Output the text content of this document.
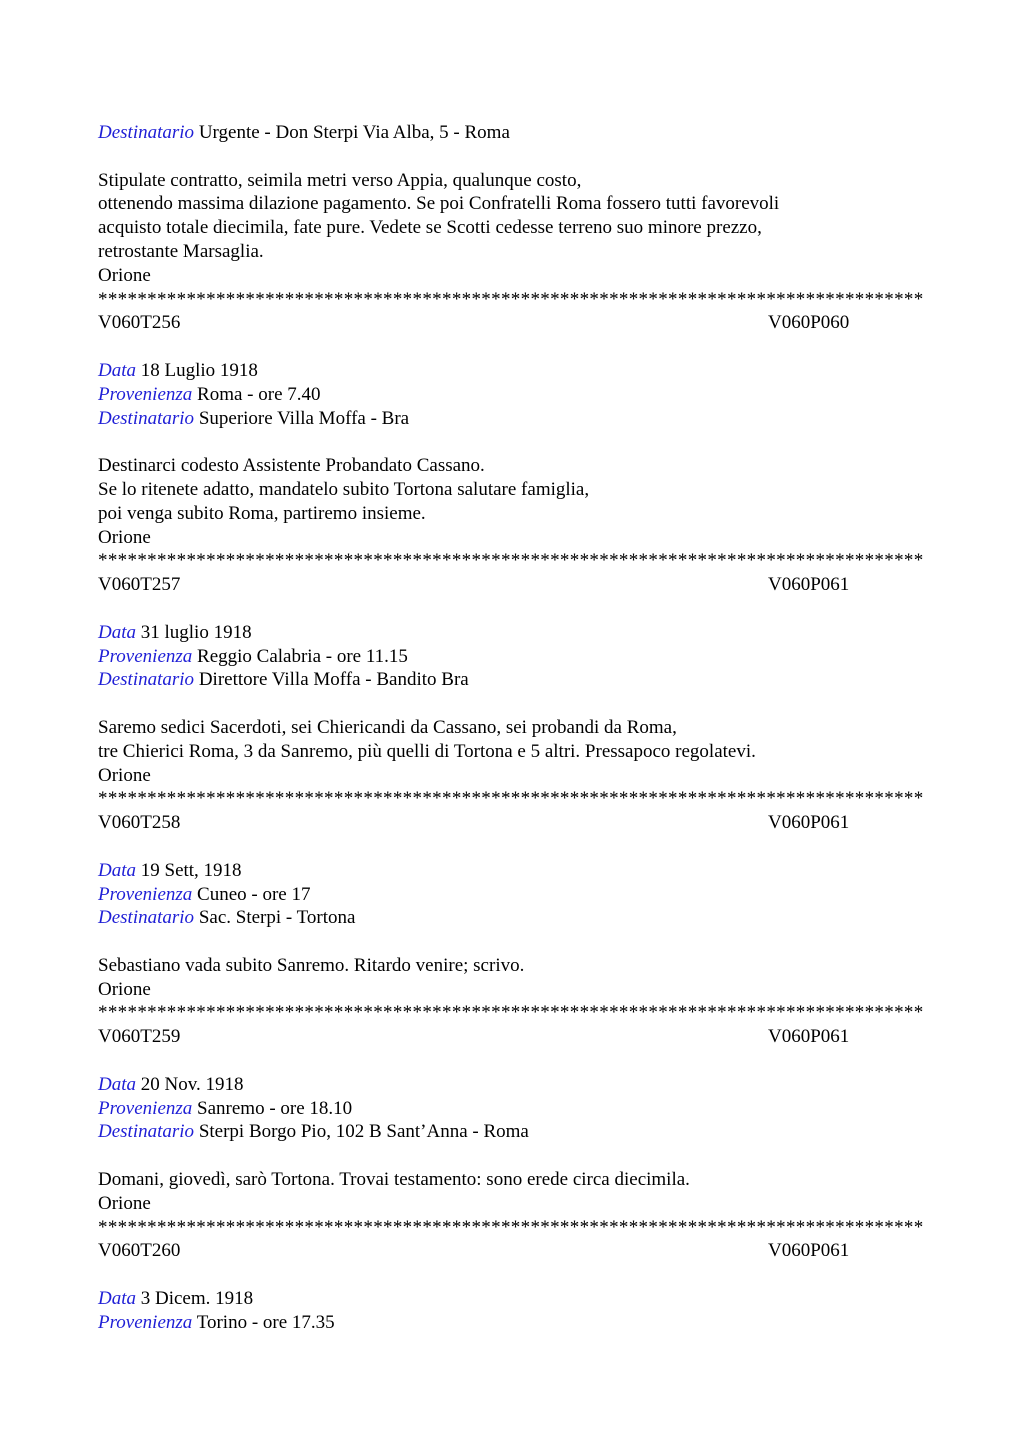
Destinatario Urgente - Don Sterpi Via Alba, 5 - Roma
Stipulate contratto, seimila metri verso Appia, qualunque costo,
ottenendo massima dilazione pagamento. Se poi Confratelli Roma fossero tutti favorevoli
acquisto totale diecimila, fate pure. Vedete se Scotti cedesse terreno suo minore prezzo,
retrostante Marsaglia.
Orione
* * * * * * * * * * * * * * * * * * * * * * * * * * * * * * * * * * * * * * * * * * * * * * * * * * * * * * * * * * * * * * * * * * * * * * * * * * * * * * * * * * * *
V060T256	V060P060
Data 18 Luglio 1918
Provenienza Roma - ore 7.40
Destinatario Superiore Villa Moffa - Bra
Destinarci codesto Assistente Probandato Cassano.
Se lo ritenete adatto, mandatelo subito Tortona salutare famiglia,
poi venga subito Roma, partiremo insieme.
Orione
* * * * * * * * * * * * * * * * * * * * * * * * * * * * * * * * * * * * * * * * * * * * * * * * * * * * * * * * * * * * * * * * * * * * * * * * * * * * * * * * * * * *
V060T257	V060P061
Data 31 luglio 1918
Provenienza Reggio Calabria - ore 11.15
Destinatario Direttore Villa Moffa - Bandito Bra
Saremo sedici Sacerdoti, sei Chiericandi da Cassano, sei probandi da Roma,
tre Chierici Roma, 3 da Sanremo, più quelli di Tortona e 5 altri. Pressapoco regolatevi.
Orione
* * * * * * * * * * * * * * * * * * * * * * * * * * * * * * * * * * * * * * * * * * * * * * * * * * * * * * * * * * * * * * * * * * * * * * * * * * * * * * * * * * * *
V060T258	V060P061
Data 19 Sett, 1918
Provenienza Cuneo - ore 17
Destinatario Sac. Sterpi - Tortona
Sebastiano vada subito Sanremo. Ritardo venire; scrivo.
Orione
* * * * * * * * * * * * * * * * * * * * * * * * * * * * * * * * * * * * * * * * * * * * * * * * * * * * * * * * * * * * * * * * * * * * * * * * * * * * * * * * * * * *
V060T259	V060P061
Data 20 Nov. 1918
Provenienza Sanremo - ore 18.10
Destinatario Sterpi Borgo Pio, 102 B Sant’Anna - Roma
Domani, giovedì, sarò Tortona. Trovai testamento: sono erede circa diecimila.
Orione
* * * * * * * * * * * * * * * * * * * * * * * * * * * * * * * * * * * * * * * * * * * * * * * * * * * * * * * * * * * * * * * * * * * * * * * * * * * * * * * * * * * *
V060T260	V060P061
Data 3 Dicem. 1918
Provenienza Torino - ore 17.35
